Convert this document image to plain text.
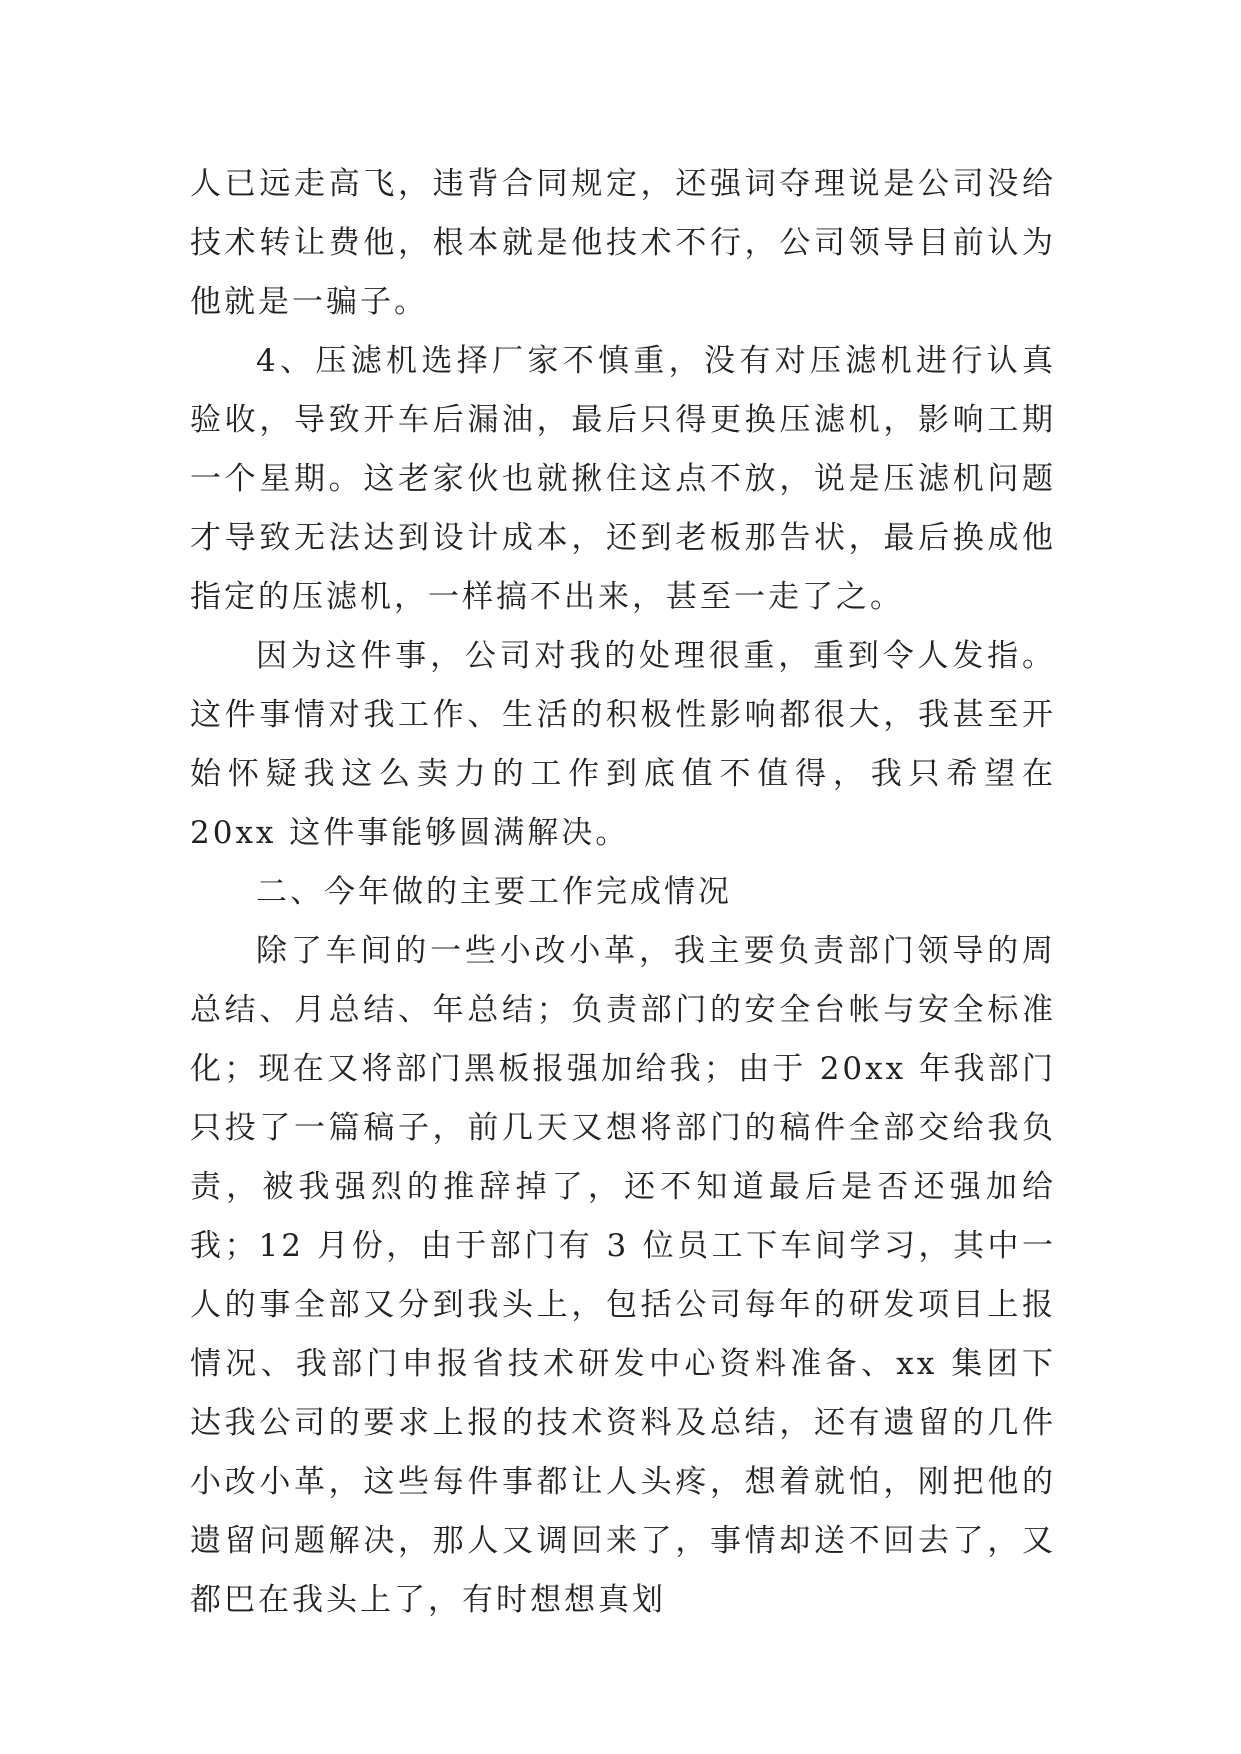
人已远走高飞，违背合同规定，还强词夺理说是公司没给技术转让费他，根本就是他技术不行，公司领导目前认为他就是一骗子。

4、压滤机选择厂家不慎重，没有对压滤机进行认真验收，导致开车后漏油，最后只得更换压滤机，影响工期一个星期。这老家伙也就揪住这点不放，说是压滤机问题才导致无法达到设计成本，还到老板那告状，最后换成他指定的压滤机，一样搞不出来，甚至一走了之。

因为这件事，公司对我的处理很重，重到令人发指。这件事情对我工作、生活的积极性影响都很大，我甚至开始怀疑我这么卖力的工作到底值不值得，我只希望在 20xx 这件事能够圆满解决。

二、今年做的主要工作完成情况

除了车间的一些小改小革，我主要负责部门领导的周总结、月总结、年总结；负责部门的安全台帐与安全标准化；现在又将部门黑板报强加给我；由于 20xx 年我部门只投了一篇稿子，前几天又想将部门的稿件全部交给我负责，被我强烈的推辞掉了，还不知道最后是否还强加给我；12 月份，由于部门有 3 位员工下车间学习，其中一人的事全部又分到我头上，包括公司每年的研发项目上报情况、我部门申报省技术研发中心资料准备、xx 集团下达我公司的要求上报的技术资料及总结，还有遗留的几件小改小革，这些每件事都让人头疼，想着就怕，刚把他的遗留问题解决，那人又调回来了，事情却送不回去了，又都巴在我头上了，有时想想真划
